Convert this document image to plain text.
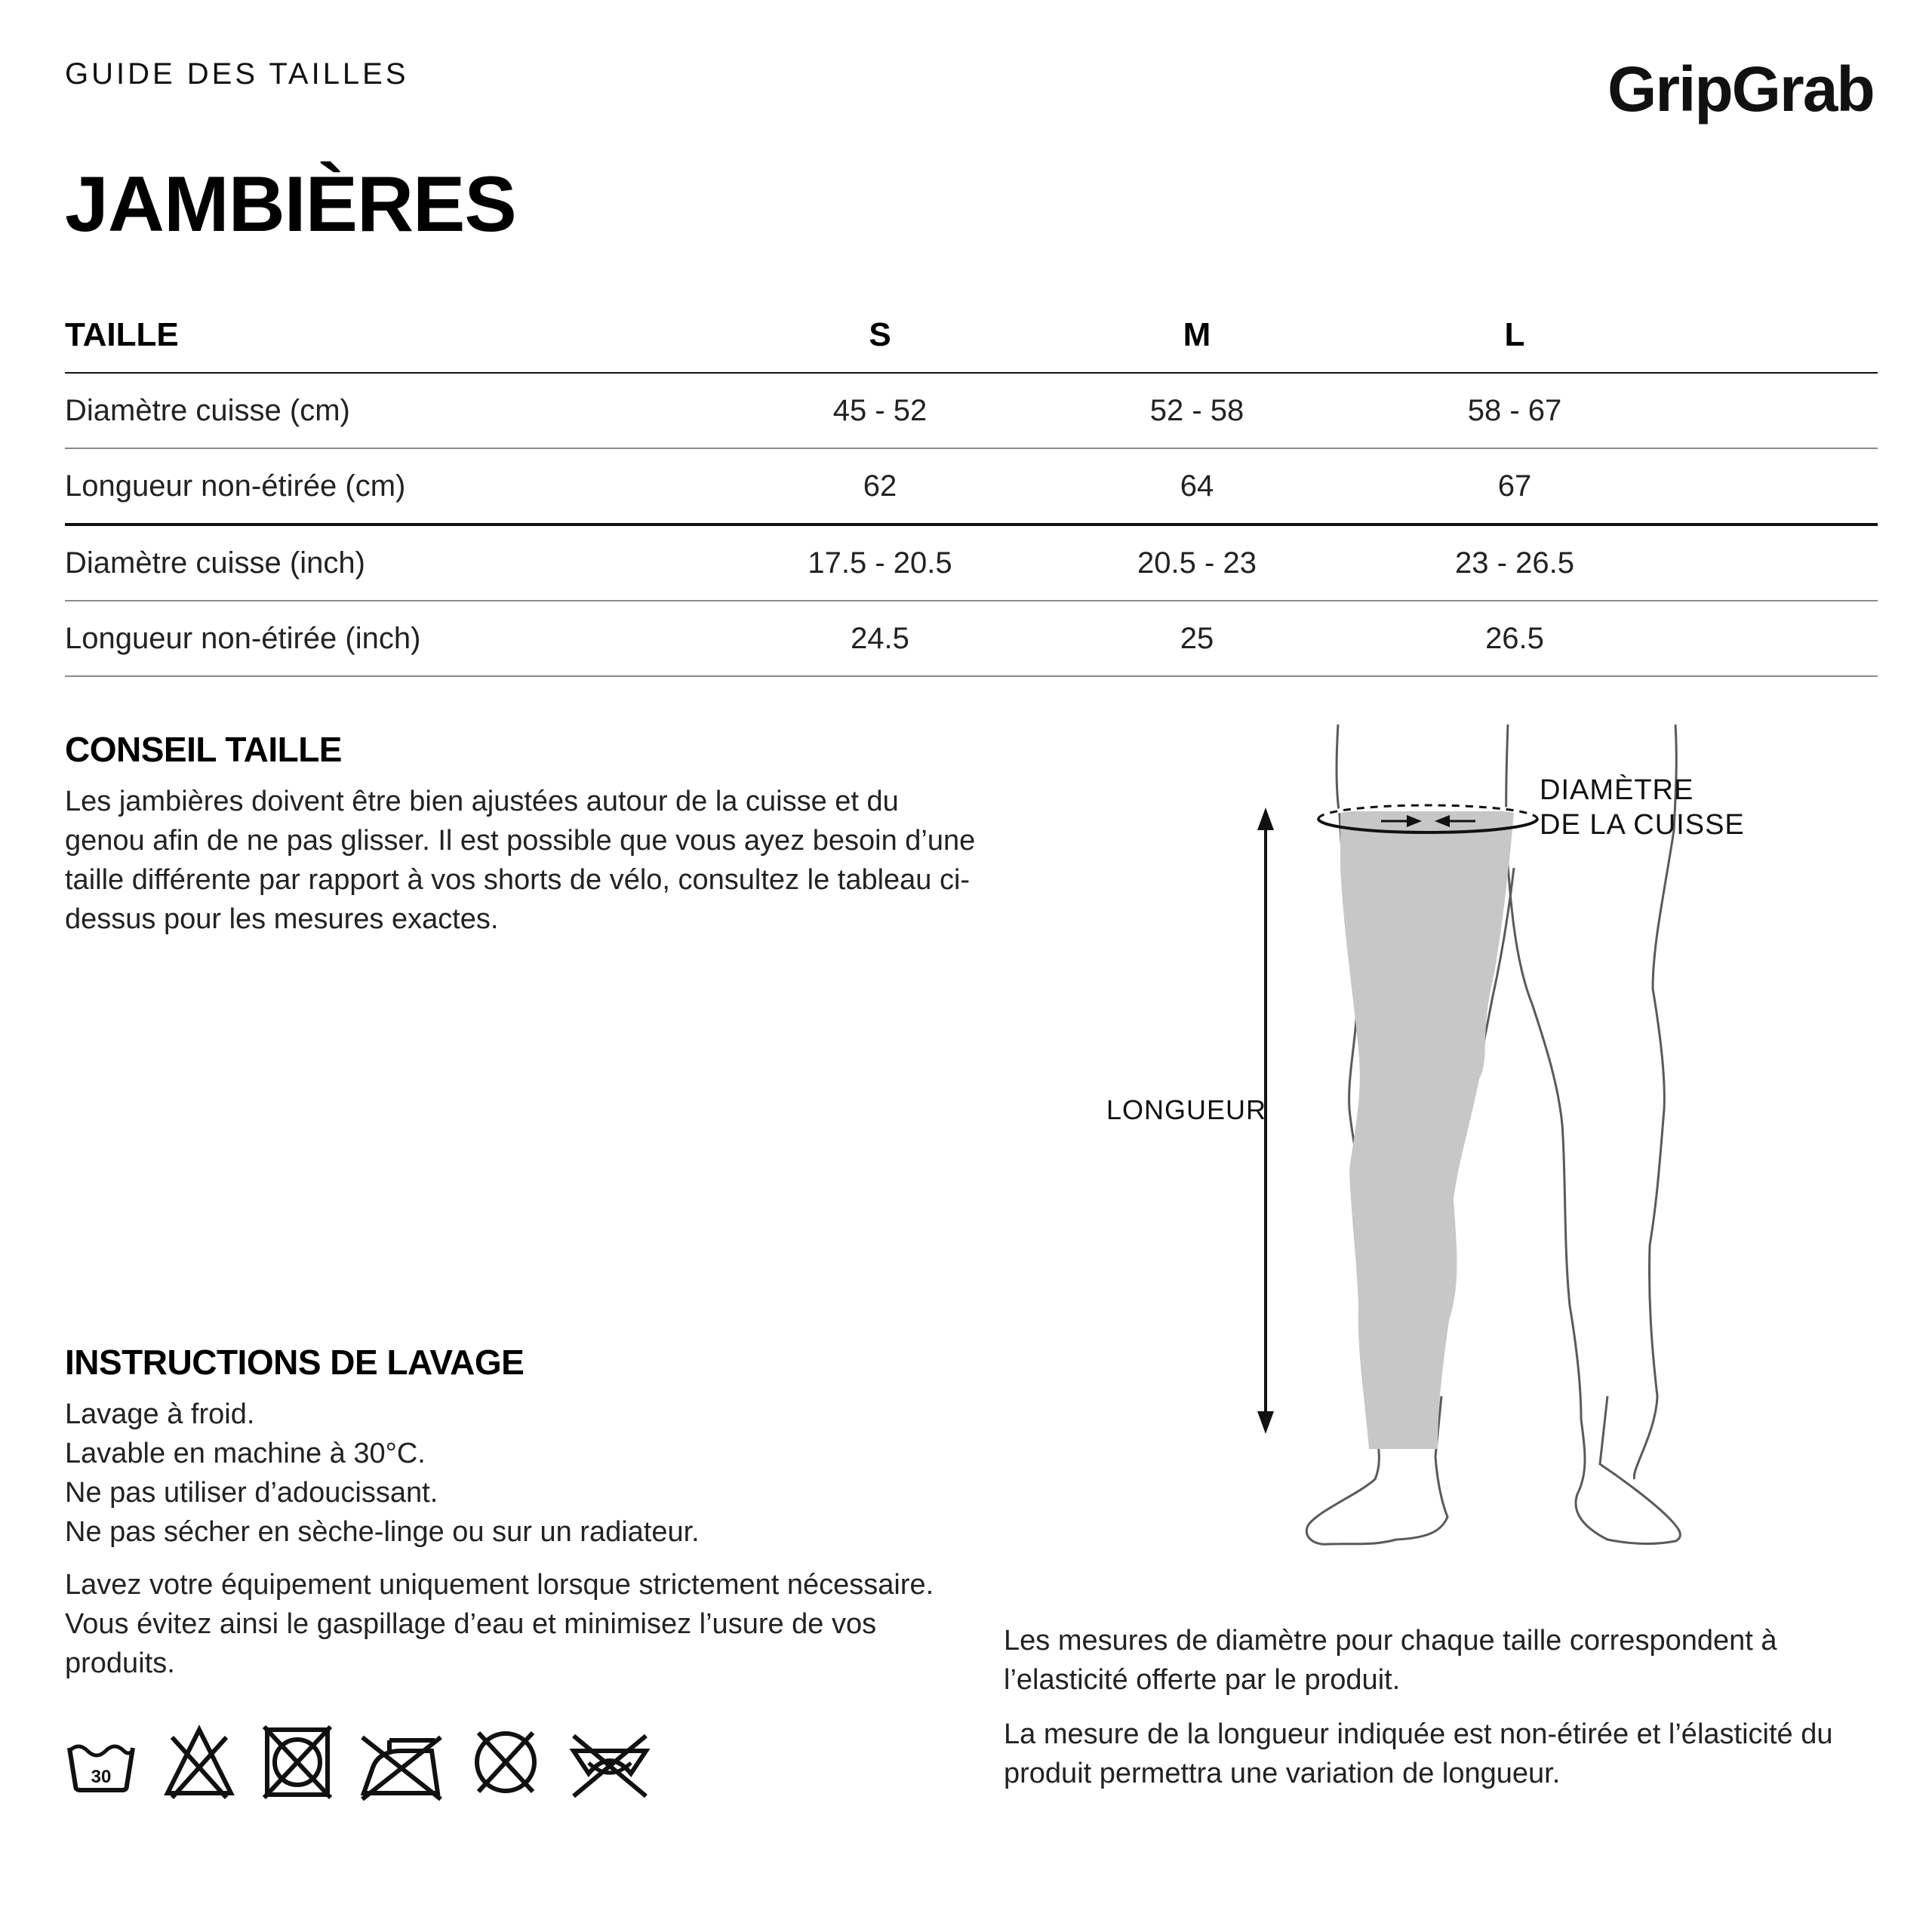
GUIDE DES TAILLES	GripGrab
JAMBIÈRES
TAILLE	S	M	L
Diamètre cuisse (cm)	45 - 52	52 - 58	58 - 67
Longueur non-étirée (cm)	62	64	67
Diamètre cuisse (inch)	17.5 - 20.5	20.5 - 23	23 - 26.5
Longueur non-étirée (inch)	24.5	25	26.5
CONSEIL TAILLE
Les jambières doivent être bien ajustées autour de la cuisse et du genou afin de ne pas glisser. Il est possible que vous ayez besoin d’une taille différente par rapport à vos shorts de vélo, consultez le tableau ci-dessus pour les mesures exactes.
INSTRUCTIONS DE LAVAGE
Lavage à froid.
Lavable en machine à 30°C.
Ne pas utiliser d’adoucissant.
Ne pas sécher en sèche-linge ou sur un radiateur.
Lavez votre équipement uniquement lorsque strictement nécessaire. Vous évitez ainsi le gaspillage d’eau et minimisez l’usure de vos produits.
30
DIAMÈTRE
DE LA CUISSE
LONGUEUR

Les mesures de diamètre pour chaque taille correspondent à l’elasticité offerte par le produit.

La mesure de la longueur indiquée est non-étirée et l’élasticité du produit permettra une variation de longueur.
